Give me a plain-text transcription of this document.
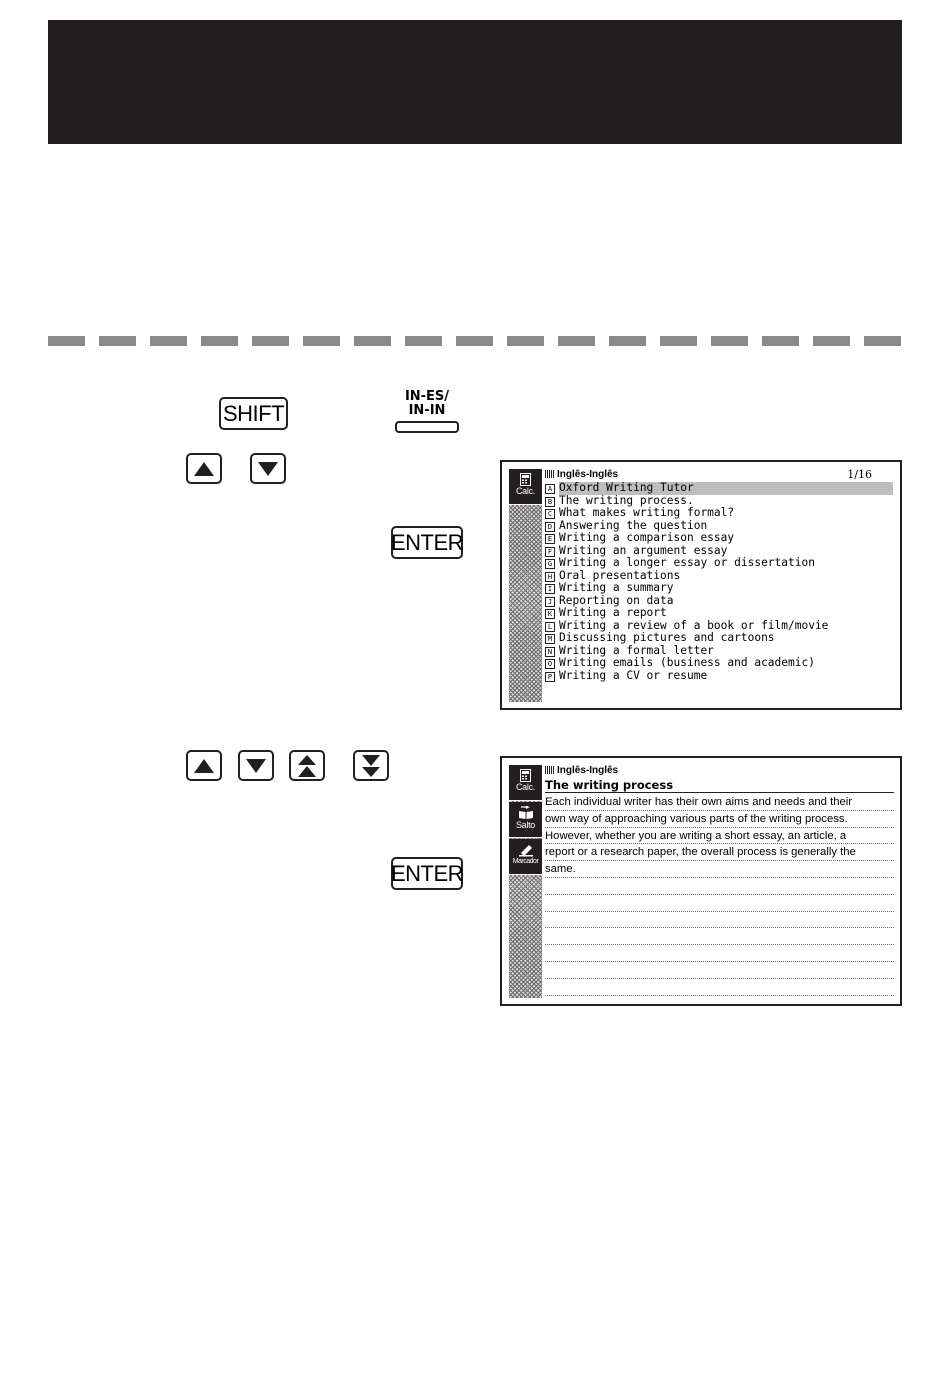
SHIFT
IN-ES/
IN-IN
ENTER
ENTER
Calc.
Inglês-Inglês	1/16
A Oxford Writing Tutor
B The writing process.
C What makes writing formal?
D Answering the question
E Writing a comparison essay
F Writing an argument essay
G Writing a longer essay or dissertation
H Oral presentations
I Writing a summary
J Reporting on data
K Writing a report
L Writing a review of a book or film/movie
M Discussing pictures and cartoons
N Writing a formal letter
O Writing emails (business and academic)
P Writing a CV or resume
Calc.
Salto
Marcador
Inglês-Inglês
The writing process
Each individual writer has their own aims and needs and their
own way of approaching various parts of the writing process.
However, whether you are writing a short essay, an article, a
report or a research paper, the overall process is generally the
same.
